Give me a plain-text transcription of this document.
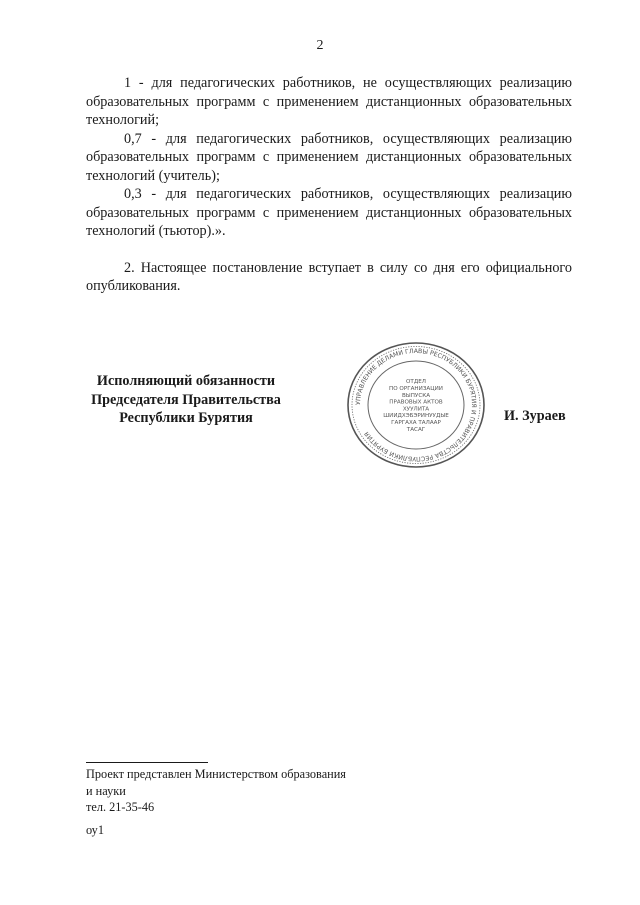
2

1 - для педагогических работников, не осуществляющих реализацию образовательных программ с применением дистанционных образовательных технологий;

0,7 - для педагогических работников, осуществляющих реализацию образовательных программ с применением дистанционных образовательных технологий (учитель);

0,3 - для педагогических работников, осуществляющих реализацию образовательных программ с применением дистанционных образовательных технологий (тьютор).».

2. Настоящее постановление вступает в силу со дня его официального опубликования.

Исполняющий обязанности
Председателя Правительства
Республики Бурятия
УПРАВЛЕНИЕ ДЕЛАМИ ГЛАВЫ РЕСПУБЛИКИ БУРЯТИЯ И ПРАВИТЕЛЬСТВА РЕСПУБЛИКИ БУРЯТИЯ
ОТДЕЛ
ПО ОРГАНИЗАЦИИ
ВЫПУСКА
ПРАВОВЫХ АКТОВ
ХУУЛИТА
ШИИДХЭБЭРИНУУДЫЕ
ГАРГАХА ТАЛААР
ТАСАГ
И. Зураев
Проект представлен Министерством образования
и науки
тел. 21-35-46
оу1
